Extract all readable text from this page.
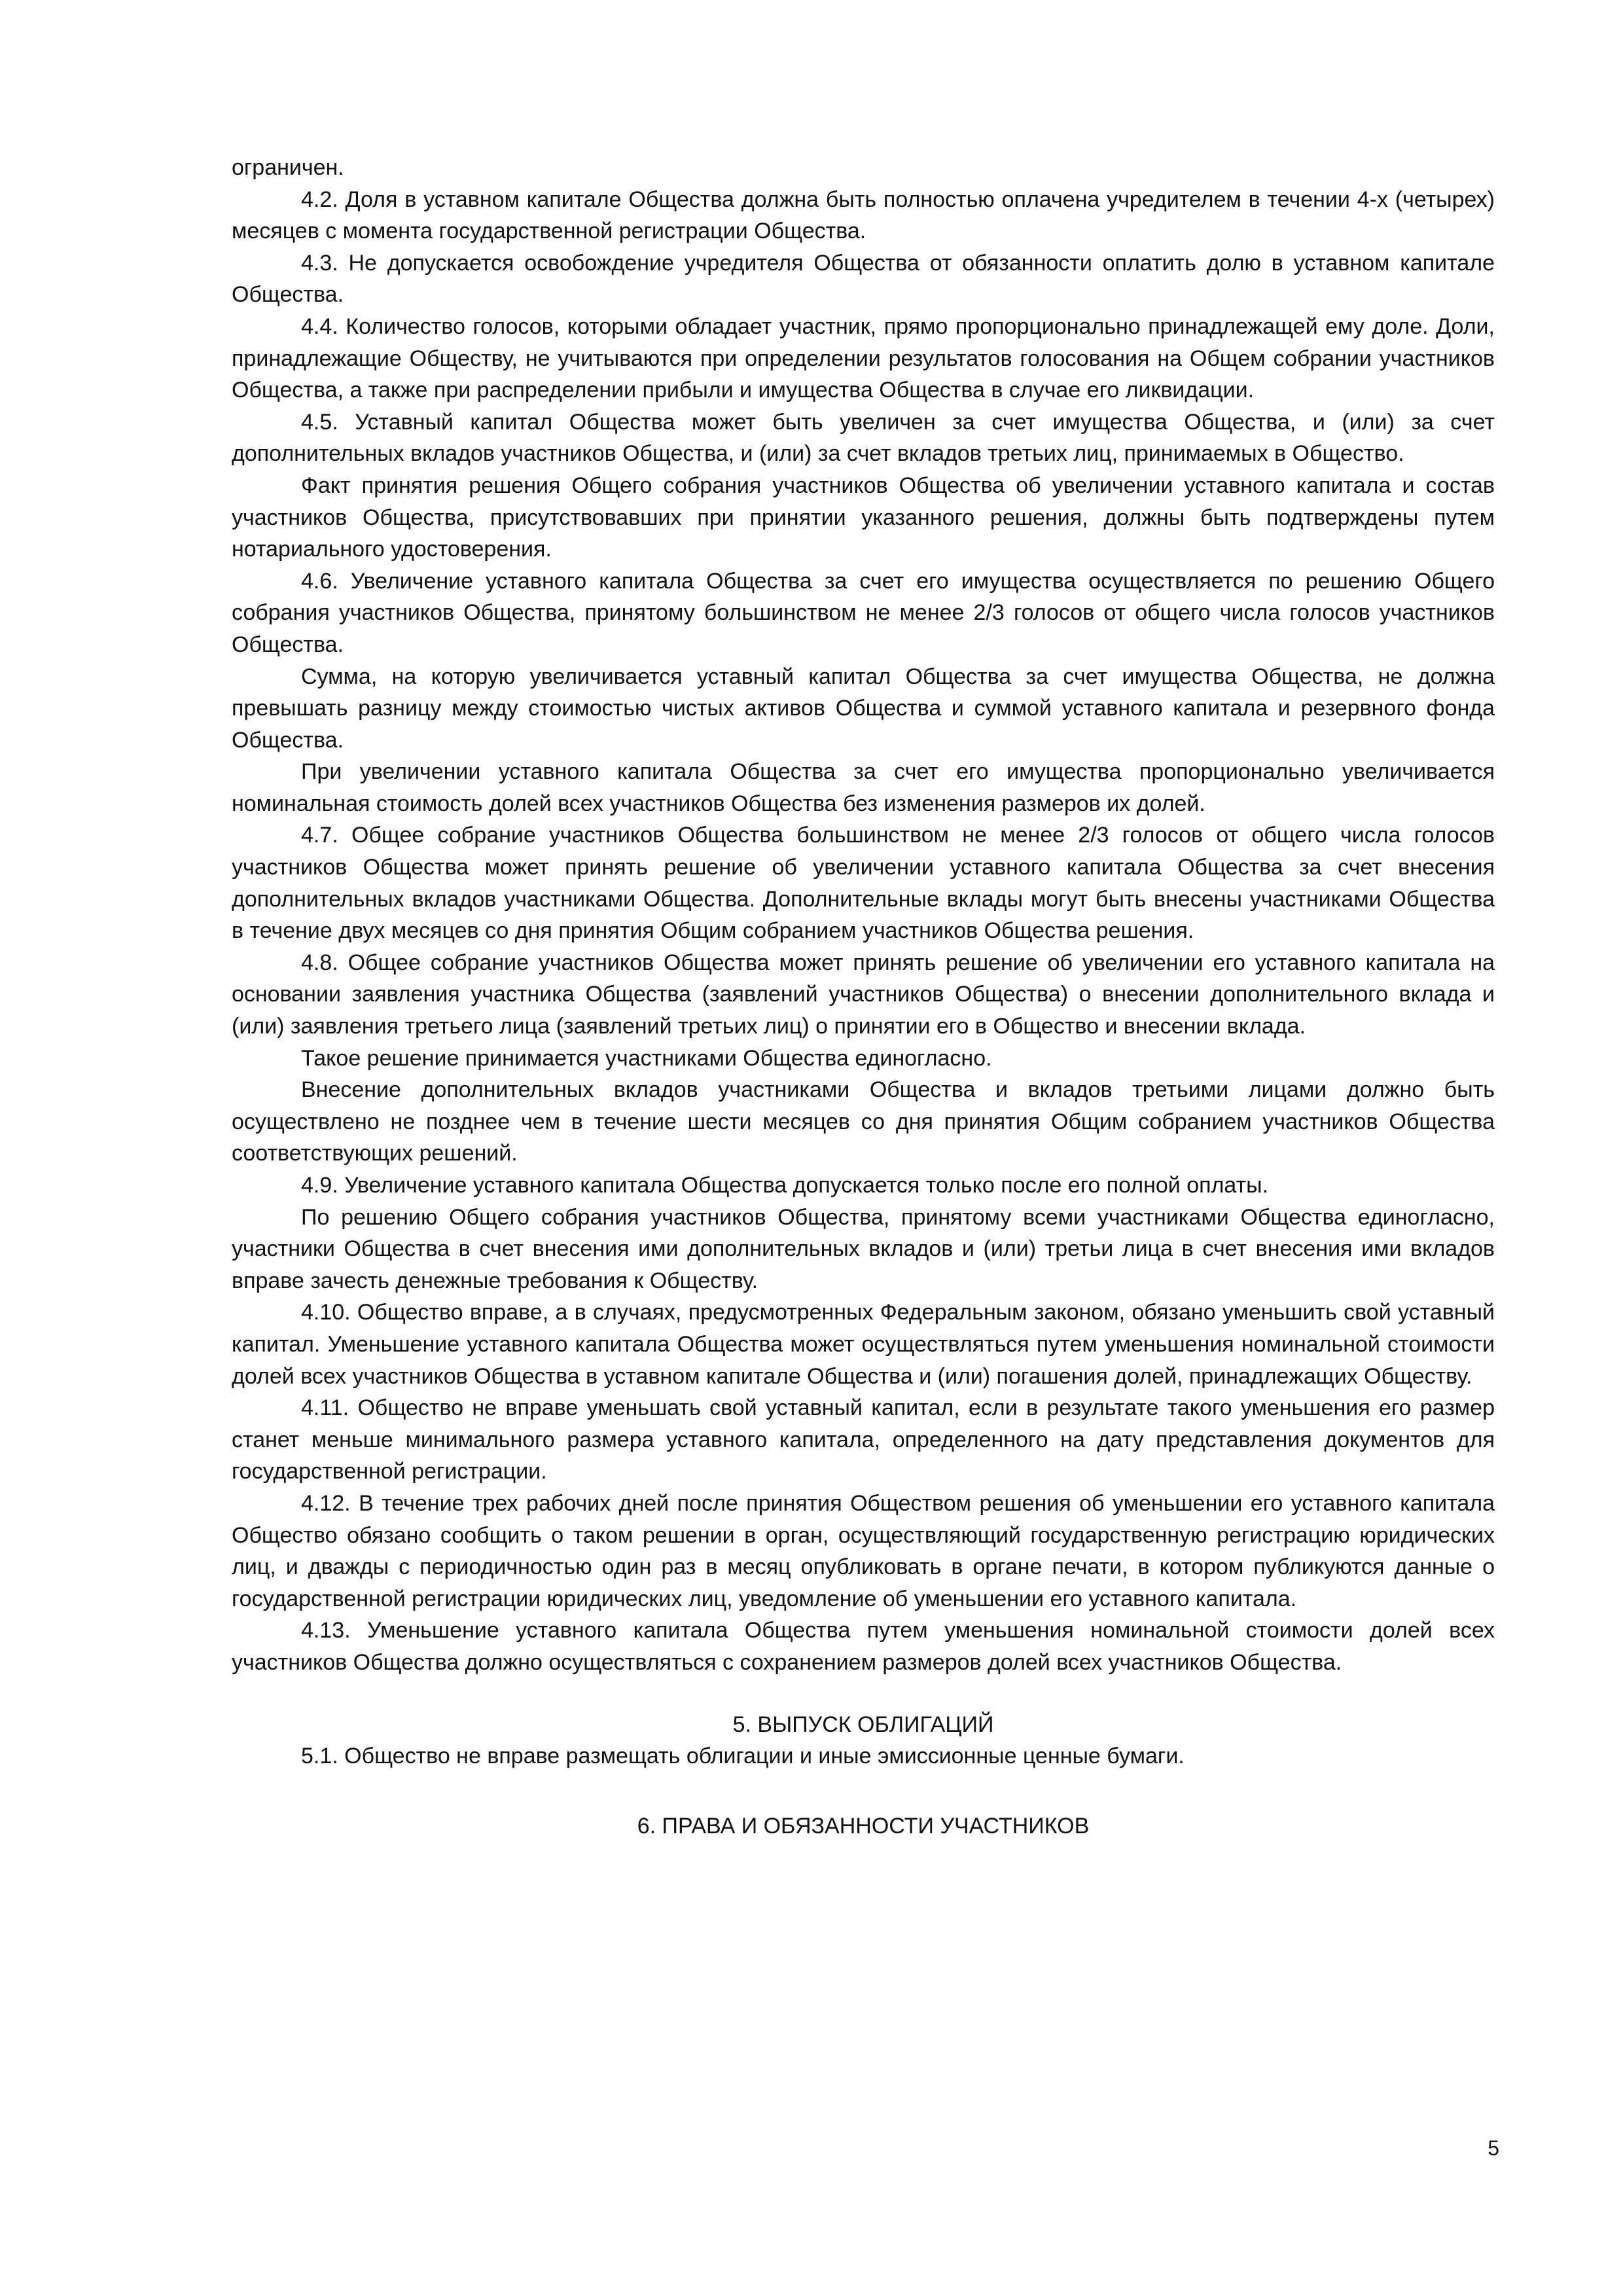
ограничен.

4.2. Доля в уставном капитале Общества должна быть полностью оплачена учредителем в течении 4-х (четырех) месяцев с момента государственной регистрации Общества.

4.3. Не допускается освобождение учредителя Общества от обязанности оплатить долю в уставном капитале Общества.

4.4. Количество голосов, которыми обладает участник, прямо пропорционально принадлежащей ему доле. Доли, принадлежащие Обществу, не учитываются при определении результатов голосования на Общем собрании участников Общества, а также при распределении прибыли и имущества Общества в случае его ликвидации.

4.5. Уставный капитал Общества может быть увеличен за счет имущества Общества, и (или) за счет дополнительных вкладов участников Общества, и (или) за счет вкладов третьих лиц, принимаемых в Общество.

Факт принятия решения Общего собрания участников Общества об увеличении уставного капитала и состав участников Общества, присутствовавших при принятии указанного решения, должны быть подтверждены путем нотариального удостоверения.

4.6. Увеличение уставного капитала Общества за счет его имущества осуществляется по решению Общего собрания участников Общества, принятому большинством не менее 2/3 голосов от общего числа голосов участников Общества.

Сумма, на которую увеличивается уставный капитал Общества за счет имущества Общества, не должна превышать разницу между стоимостью чистых активов Общества и суммой уставного капитала и резервного фонда Общества.

При увеличении уставного капитала Общества за счет его имущества пропорционально увеличивается номинальная стоимость долей всех участников Общества без изменения размеров их долей.

4.7. Общее собрание участников Общества большинством не менее 2/3 голосов от общего числа голосов участников Общества может принять решение об увеличении уставного капитала Общества за счет внесения дополнительных вкладов участниками Общества. Дополнительные вклады могут быть внесены участниками Общества в течение двух месяцев со дня принятия Общим собранием участников Общества решения.

4.8. Общее собрание участников Общества может принять решение об увеличении его уставного капитала на основании заявления участника Общества (заявлений участников Общества) о внесении дополнительного вклада и (или) заявления третьего лица (заявлений третьих лиц) о принятии его в Общество и внесении вклада.

Такое решение принимается участниками Общества единогласно.

Внесение дополнительных вкладов участниками Общества и вкладов третьими лицами должно быть осуществлено не позднее чем в течение шести месяцев со дня принятия Общим собранием участников Общества соответствующих решений.

4.9. Увеличение уставного капитала Общества допускается только после его полной оплаты.

По решению Общего собрания участников Общества, принятому всеми участниками Общества единогласно, участники Общества в счет внесения ими дополнительных вкладов и (или) третьи лица в счет внесения ими вкладов вправе зачесть денежные требования к Обществу.

4.10. Общество вправе, а в случаях, предусмотренных Федеральным законом, обязано уменьшить свой уставный капитал. Уменьшение уставного капитала Общества может осуществляться путем уменьшения номинальной стоимости долей всех участников Общества в уставном капитале Общества и (или) погашения долей, принадлежащих Обществу.

4.11. Общество не вправе уменьшать свой уставный капитал, если в результате такого уменьшения его размер станет меньше минимального размера уставного капитала, определенного на дату представления документов для государственной регистрации.

4.12. В течение трех рабочих дней после принятия Обществом решения об уменьшении его уставного капитала Общество обязано сообщить о таком решении в орган, осуществляющий государственную регистрацию юридических лиц, и дважды с периодичностью один раз в месяц опубликовать в органе печати, в котором публикуются данные о государственной регистрации юридических лиц, уведомление об уменьшении его уставного капитала.

4.13. Уменьшение уставного капитала Общества путем уменьшения номинальной стоимости долей всех участников Общества должно осуществляться с сохранением размеров долей всех участников Общества.

5. ВЫПУСК ОБЛИГАЦИЙ

5.1. Общество не вправе размещать облигации и иные эмиссионные ценные бумаги.

6. ПРАВА И ОБЯЗАННОСТИ УЧАСТНИКОВ

5
